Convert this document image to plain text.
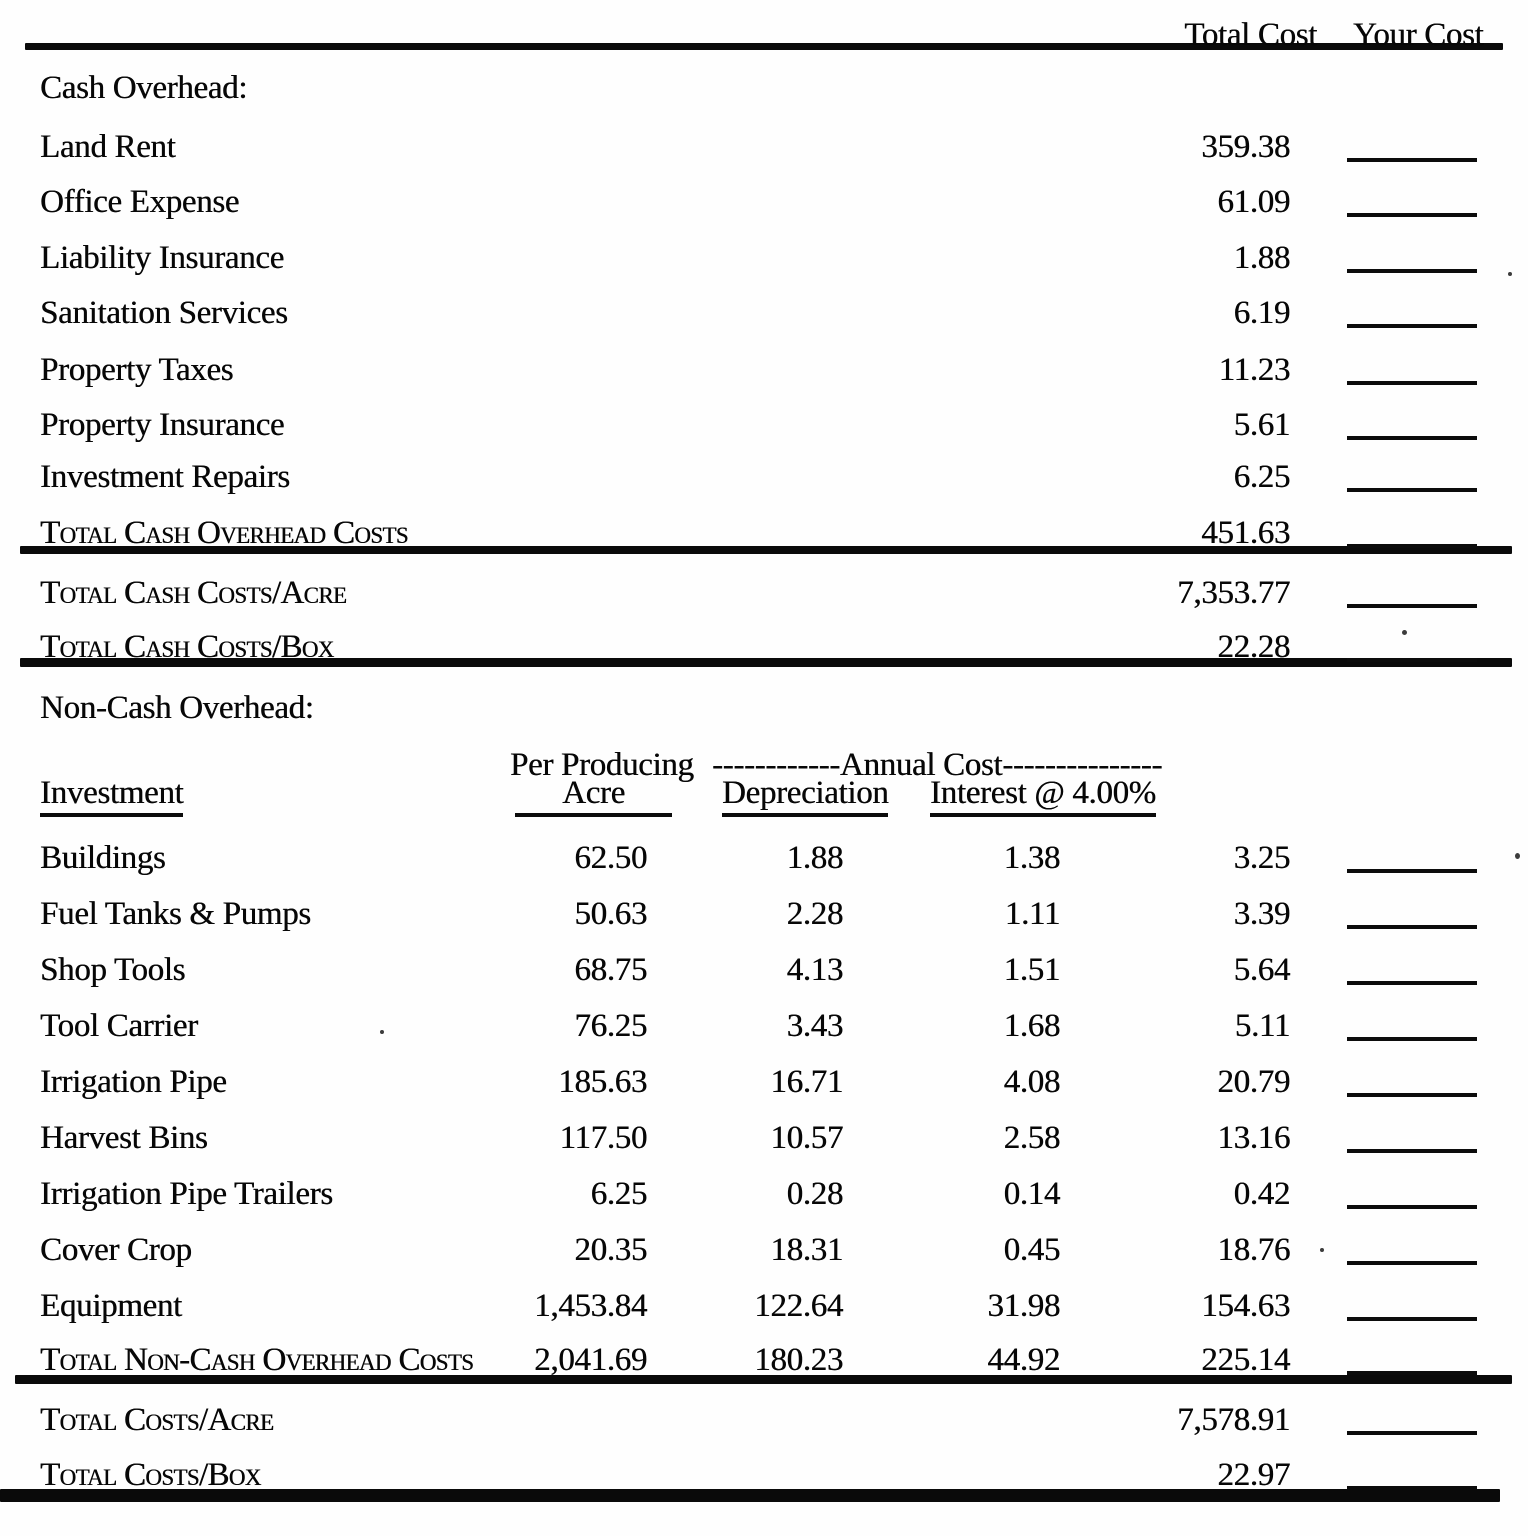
Total Cost Your Cost
Cash Overhead:
Land Rent	359.38
Office Expense	61.09
Liability Insurance	1.88
Sanitation Services	6.19
Property Taxes	11.23
Property Insurance	5.61
Investment Repairs	6.25
Total Cash Overhead Costs	451.63
Total Cash Costs/Acre	7,353.77
Total Cash Costs/Box	22.28
Non-Cash Overhead:
Per Producing ------------Annual Cost---------------
Investment	Acre	Depreciation Interest @ 4.00%
Buildings	62.50	1.88	1.38	3.25
Fuel Tanks & Pumps	50.63	2.28	1.11	3.39
Shop Tools	68.75	4.13	1.51	5.64
Tool Carrier	76.25	3.43	1.68	5.11
Irrigation Pipe	185.63	16.71	4.08	20.79
Harvest Bins	117.50	10.57	2.58	13.16
Irrigation Pipe Trailers	6.25	0.28	0.14	0.42
Cover Crop	20.35	18.31	0.45	18.76
Equipment	1,453.84	122.64	31.98	154.63
Total Non-Cash Overhead Costs	2,041.69	180.23	44.92	225.14
Total Costs/Acre	7,578.91
Total Costs/Box	22.97
